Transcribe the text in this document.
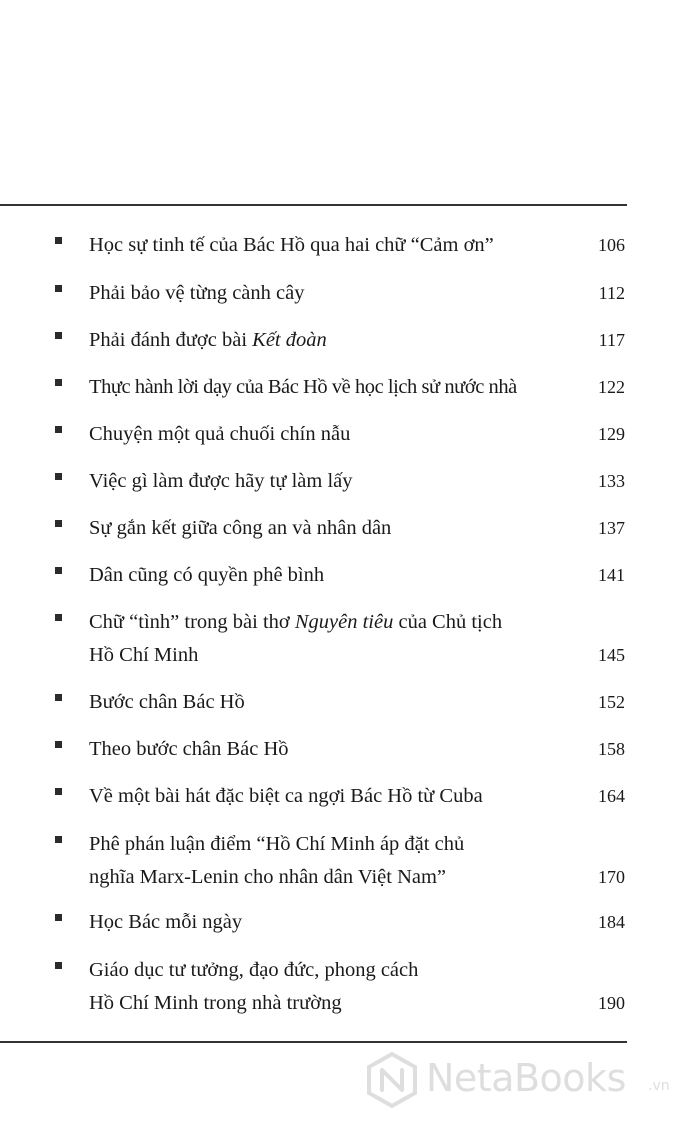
Học sự tinh tế của Bác Hồ qua hai chữ “Cảm ơn”	106
Phải bảo vệ từng cành cây	112
Phải đánh được bài Kết đoàn	117
Thực hành lời dạy của Bác Hồ về học lịch sử nước nhà	122
Chuyện một quả chuối chín nẫu	129
Việc gì làm được hãy tự làm lấy	133
Sự gắn kết giữa công an và nhân dân	137
Dân cũng có quyền phê bình	141
Chữ “tình” trong bài thơ Nguyên tiêu của Chủ tịch
Hồ Chí Minh	145
Bước chân Bác Hồ	152
Theo bước chân Bác Hồ	158
Về một bài hát đặc biệt ca ngợi Bác Hồ từ Cuba	164
Phê phán luận điểm “Hồ Chí Minh áp đặt chủ
nghĩa Marx-Lenin cho nhân dân Việt Nam”	170
Học Bác mỗi ngày	184
Giáo dục tư tưởng, đạo đức, phong cách
Hồ Chí Minh trong nhà trường	190
NetaBooks .vn
